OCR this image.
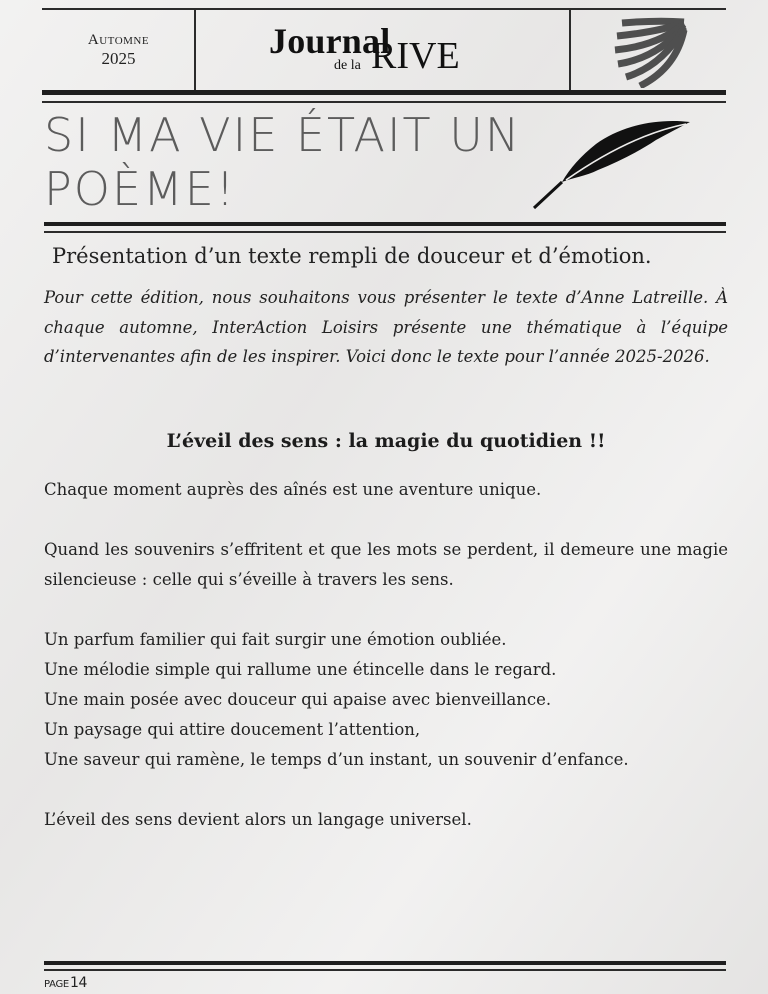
Automne
2025	Journal
de la RIVE
SI MA VIE ÉTAIT UN POÈME!
Présentation d’un texte rempli de douceur et d’émotion.
Pour cette édition, nous souhaitons vous présenter le texte d’Anne Latreille. À chaque automne, InterAction Loisirs présente une thématique à l’équipe d’intervenantes afin de les inspirer. Voici donc le texte pour l’année 2025-2026.
L’éveil des sens : la magie du quotidien !!

Chaque moment auprès des aînés est une aventure unique.

Quand les souvenirs s’effritent et que les mots se perdent, il demeure une magie silencieuse : celle qui s’éveille à travers les sens.

Un parfum familier qui fait surgir une émotion oubliée.

Une mélodie simple qui rallume une étincelle dans le regard.

Une main posée avec douceur qui apaise avec bienveillance.

Un paysage qui attire doucement l’attention,

Une saveur qui ramène, le temps d’un instant, un souvenir d’enfance.

L’éveil des sens devient alors un langage universel.

PAGE14
